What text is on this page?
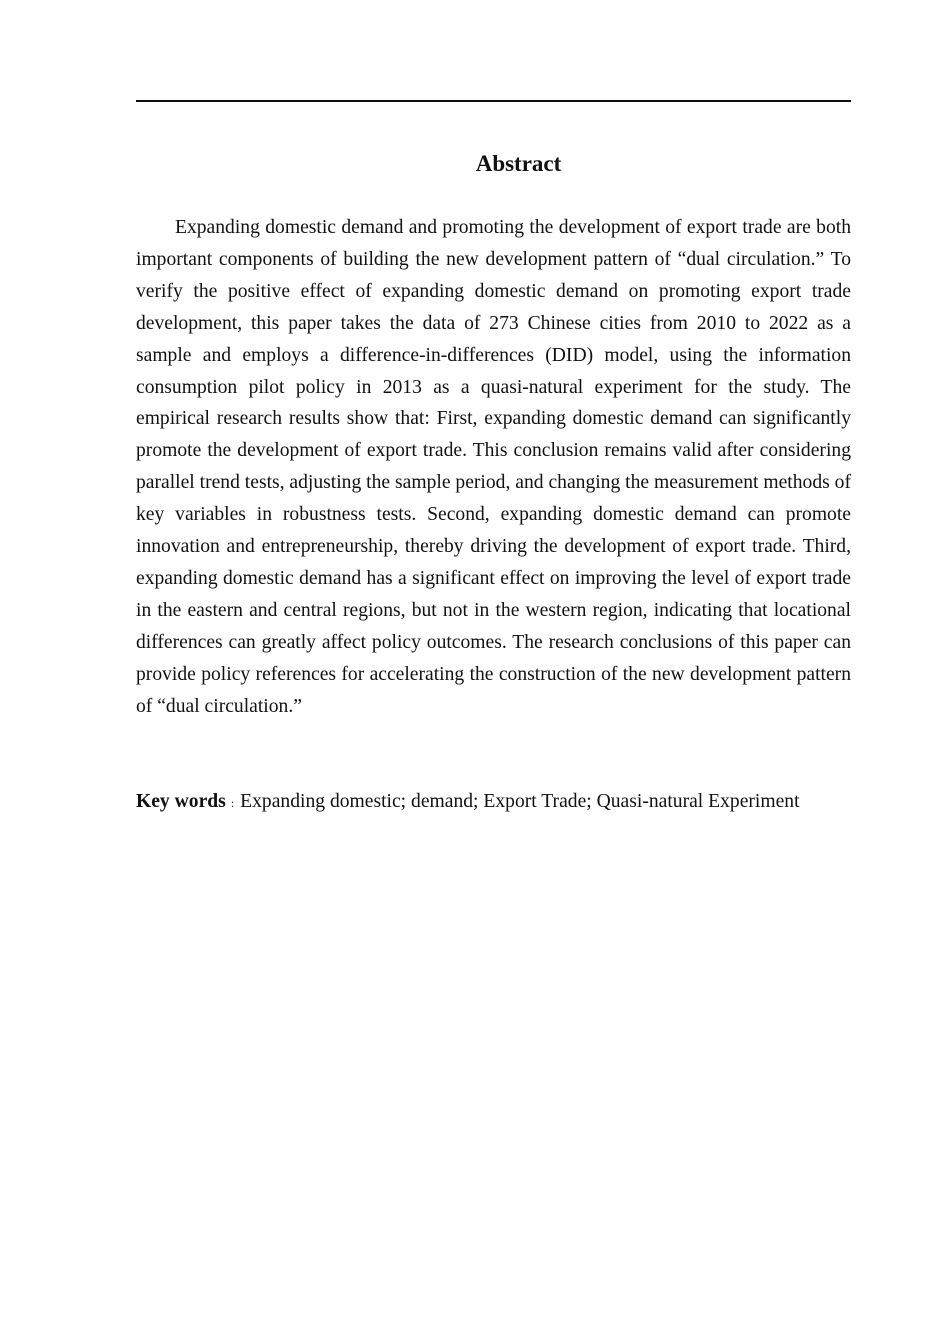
Abstract

Expanding domestic demand and promoting the development of export trade are both important components of building the new development pattern of “dual circulation.” To verify the positive effect of expanding domestic demand on promoting export trade development, this paper takes the data of 273 Chinese cities from 2010 to 2022 as a sample and employs a difference-in-differences (DID) model, using the information consumption pilot policy in 2013 as a quasi-natural experiment for the study. The empirical research results show that: First, expanding domestic demand can significantly promote the development of export trade. This conclusion remains valid after considering parallel trend tests, adjusting the sample period, and changing the measurement methods of key variables in robustness tests. Second, expanding domestic demand can promote innovation and entrepreneurship, thereby driving the development of export trade. Third, expanding domestic demand has a significant effect on improving the level of export trade in the eastern and central regions, but not in the western region, indicating that locational differences can greatly affect policy outcomes. The research conclusions of this paper can provide policy references for accelerating the construction of the new development pattern of “dual circulation.”

Key words : Expanding domestic; demand; Export Trade; Quasi-natural Experiment
